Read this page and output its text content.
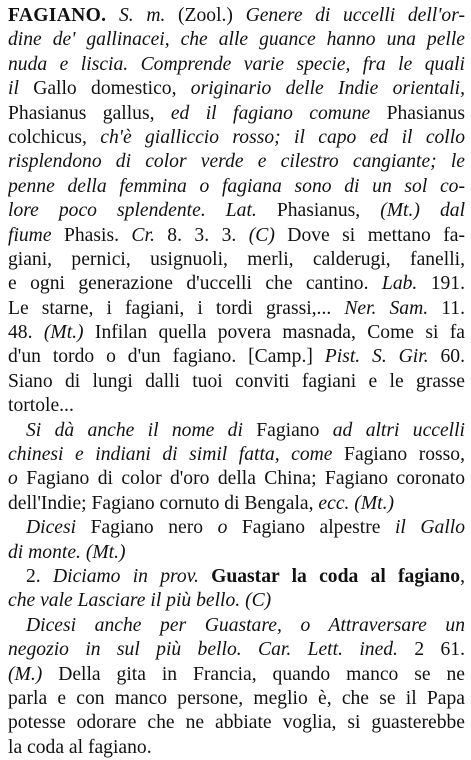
FAGIANO. S. m. (Zool.) Genere di uccelli dell'or-
dine de' gallinacei, che alle guance hanno una pelle
nuda e liscia. Comprende varie specie, fra le quali
il Gallo domestico, originario delle Indie orientali,
Phasianus gallus, ed il fagiano comune Phasianus
colchicus, ch'è gialliccio rosso; il capo ed il collo
risplendono di color verde e cilestro cangiante; le
penne della femmina o fagiana sono di un sol co-
lore poco splendente. Lat. Phasianus, (Mt.) dal
fiume Phasis. Cr. 8. 3. 3. (C) Dove si mettano fa-
giani, pernici, usignuoli, merli, calderugi, fanelli,
e ogni generazione d'uccelli che cantino. Lab. 191.
Le starne, i fagiani, i tordi grassi,... Ner. Sam. 11.
48. (Mt.) Infilan quella povera masnada, Come si fa
d'un tordo o d'un fagiano. [Camp.] Pist. S. Gir. 60.
Siano di lungi dalli tuoi conviti fagiani e le grasse
tortole...
Si dà anche il nome di Fagiano ad altri uccelli
chinesi e indiani di simil fatta, come Fagiano rosso,
o Fagiano di color d'oro della China; Fagiano coronato
dell'Indie; Fagiano cornuto di Bengala, ecc. (Mt.)
Dicesi Fagiano nero o Fagiano alpestre il Gallo
di monte. (Mt.)
2. Diciamo in prov. Guastar la coda al fagiano,
che vale Lasciare il più bello. (C)
Dicesi anche per Guastare, o Attraversare un
negozio in sul più bello. Car. Lett. ined. 2 61.
(M.) Della gita in Francia, quando manco se ne
parla e con manco persone, meglio è, che se il Papa
potesse odorare che ne abbiate voglia, si guasterebbe
la coda al fagiano.
